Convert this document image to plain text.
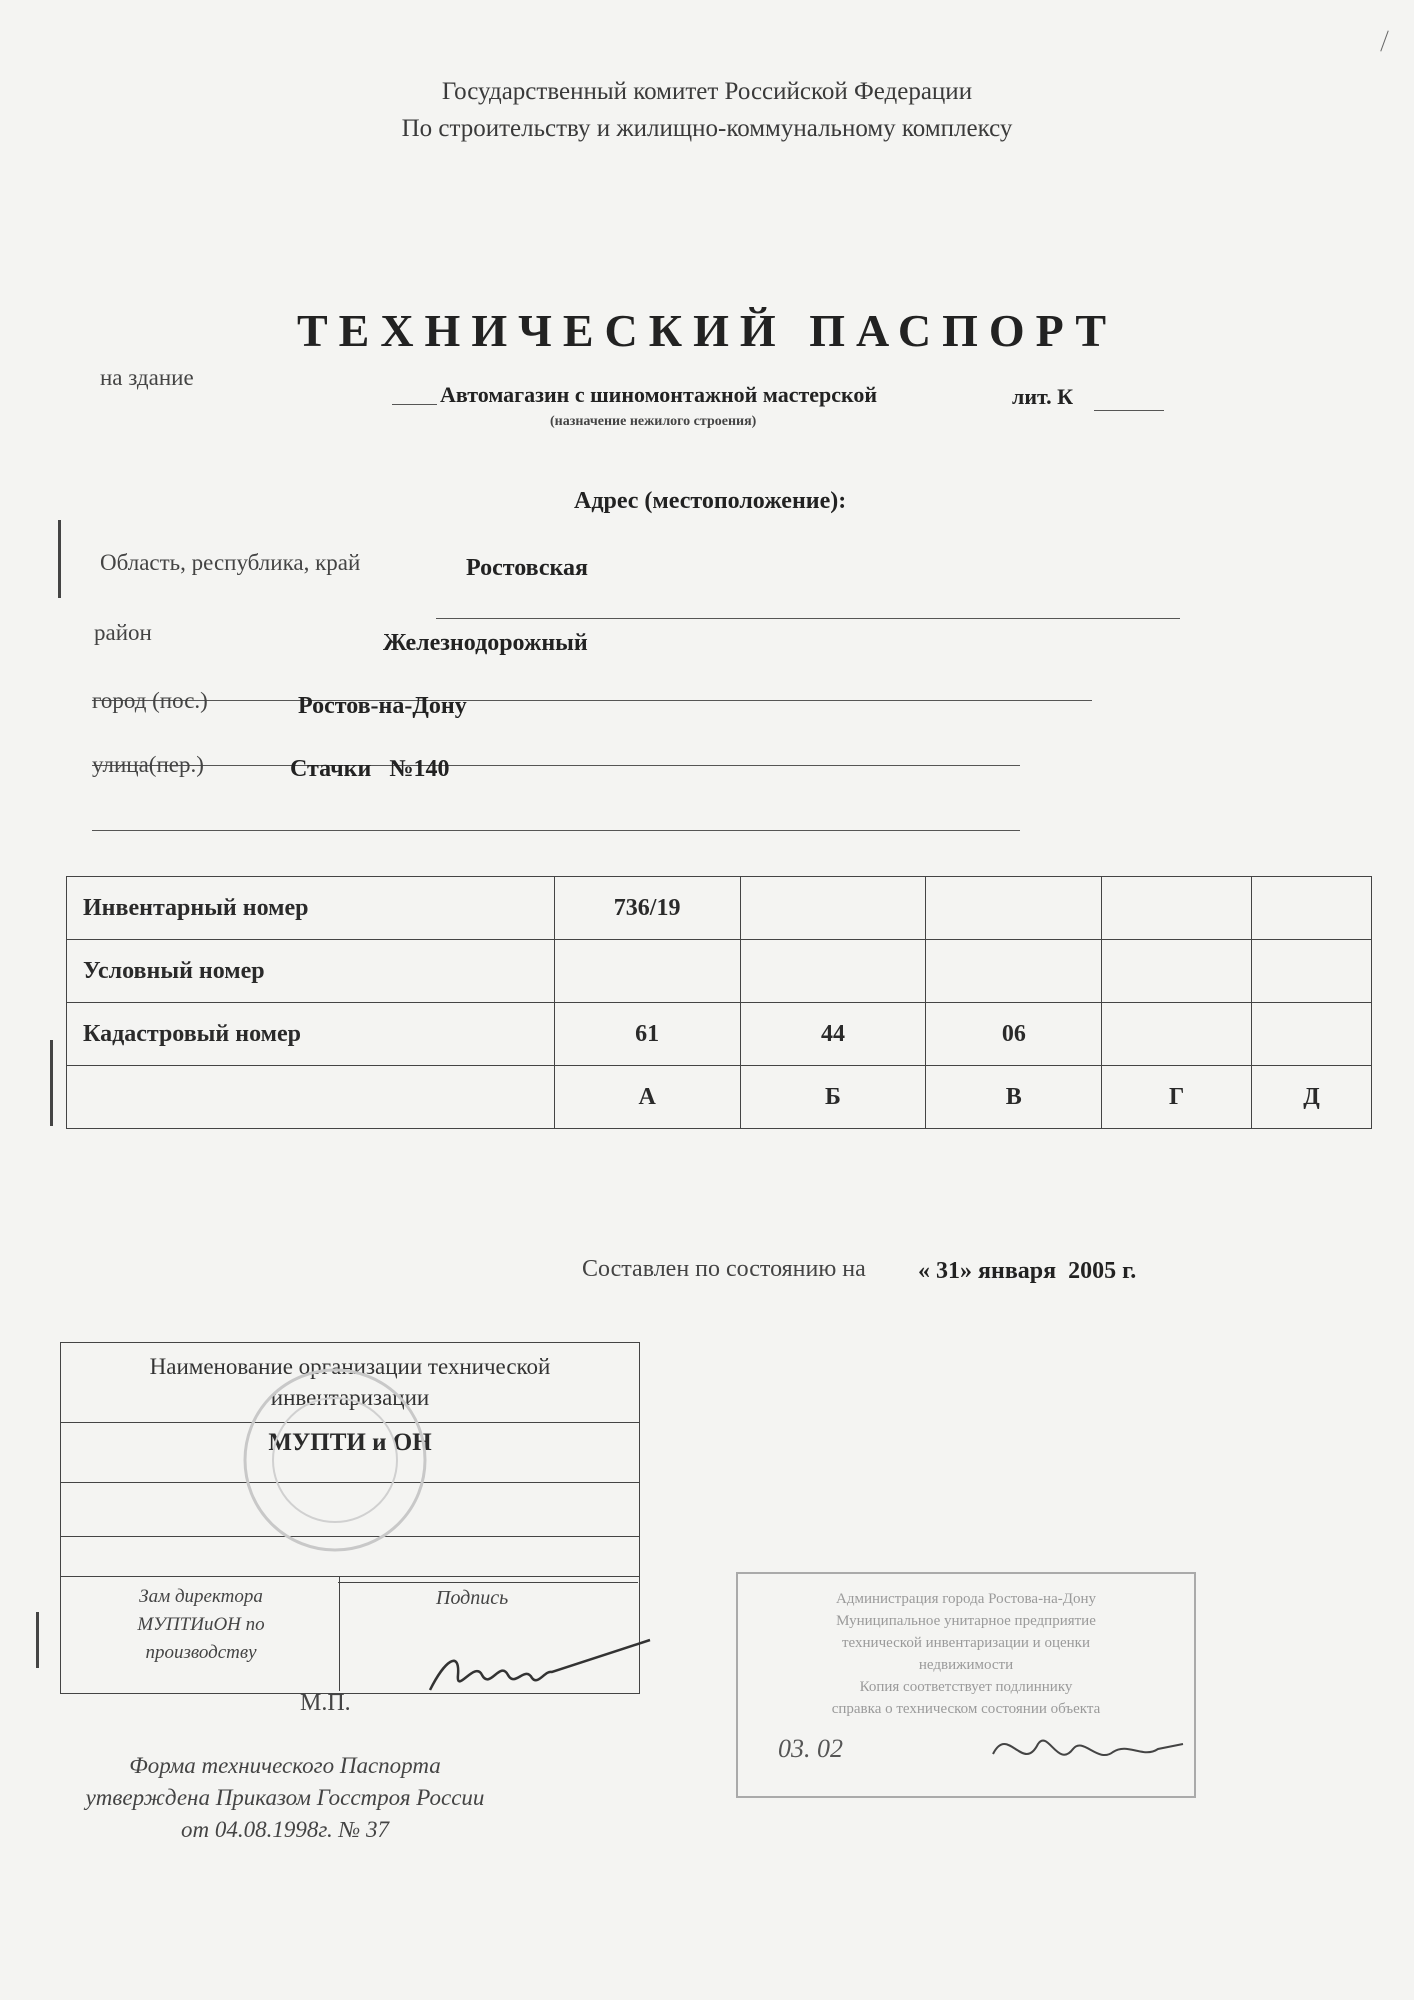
Государственный комитет Российской Федерации
По строительству и жилищно-коммунальному комплексу
ТЕХНИЧЕСКИЙ ПАСПОРТ
на здание
Автомагазин с шиномонтажной мастерской
(назначение нежилого строения)
лит. К
Адрес (местоположение):
Область, республика, край	Ростовская
район	Железнодорожный
город (пос.)	Ростов-на-Дону
улица(пер.)	Стачки   №140
Инвентарный номер	736/19				
Условный номер					
Кадастровый номер	61	44	06		
	А	Б	В	Г	Д
Составлен по состоянию на « 31» января  2005 г.
Наименование организации технической инвентаризации
МУПТИ и ОН
Зам директора МУПТИиОН по производству
Подпись
М.П.
Форма технического Паспорта
утверждена Приказом Госстроя России
от 04.08.1998г. № 37
Администрация города Ростова-на-Дону
Муниципальное унитарное предприятие
технической инвентаризации и оценки
недвижимости
Копия соответствует подлиннику
справка о техническом состоянии объекта
03. 02
